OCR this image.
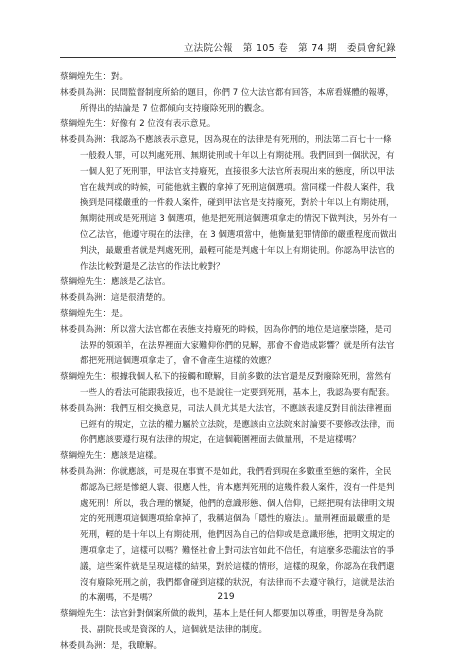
立法院公報 第 105 卷 第 74 期 委員會紀錄

蔡綱煌先生：對。

林委員為洲：民間監督制度所給的題目，你們 7 位大法官都有回答，本席看媒體的報導，所得出的結論是 7 位都傾向支持廢除死刑的觀念。

蔡綱煌先生：好像有 2 位沒有表示意見。

林委員為洲：我認為不應該表示意見，因為現在的法律是有死刑的，刑法第二百七十一條一般殺人罪，可以判處死刑、無期徒刑或十年以上有期徒刑。我們回到一個狀況，有一個人犯了死刑罪，甲法官支持廢死，直接很多大法官所表現出來的態度，所以甲法官在裁判或的時候，可能他就主觀的拿掉了死刑這個選項。當同樣一件殺人案件，我換到是同樣嚴重的一件殺人案件，碰到甲法官是支持廢死，對於十年以上有期徒刑，無期徒刑或是死刑這 3 個選項，他是把死刑這個選項拿走的情況下做判決，另外有一位乙法官，他遵守現在的法律，在 3 個選項當中，他衡量犯罪情節的嚴重程度而做出判決，最嚴重者就是判處死刑，最輕可能是判處十年以上有期徒刑。你認為甲法官的作法比較對還是乙法官的作法比較對？

蔡綱煌先生：應該是乙法官。

林委員為洲：這是很清楚的。

蔡綱煌先生：是。

林委員為洲：所以當大法官都在表態支持廢死的時候，因為你們的地位是這麼崇隆，是司法界的領頭羊，在法界裡面大家難仰你們的見解，那會不會造成影響？就是所有法官都把死刑這個選項拿走了，會不會產生這樣的效應？

蔡綱煌先生：根據我個人私下的接觸和瞭解，目前多數的法官還是反對廢除死刑，當然有一些人的看法可能跟我接近，也不是說往一定要到死刑，基本上，我認為要有配套。

林委員為洲：我們互相交換意見，司法人員尤其是大法官，不應該表達反對目前法律裡面已經有的規定，立法的權力屬於立法院，是應該由立法院來討論要不要修改法律，而你們應該要遵行現有法律的規定，在這個範圍裡面去做量刑，不是這樣嗎？

蔡綱煌先生：應該是這樣。

林委員為洲：你就應該，可是現在事實不是如此，我們看到現在多數重至態的案件，全民都認為已經是慘絕人寰、很應人性，肯本應判死刑的這幾件殺人案件，沒有一件是判處死刑！所以，我合理的懷疑，他們的意識形態、個人信仰，已經把現有法律明文規定的死刑選項這個選項給拿掉了，我稱這個為「隱性的廢法」。量刑裡面最嚴重的是死刑，輕的是十年以上有期徒刑，他們因為自己的信仰或是意識形態，把明文規定的選項拿走了，這樣可以嗎？難怪社會上對司法官如此不信任，有這麼多恐龍法官的爭議，這些案件就是呈現這樣的結果，對於這樣的情形，這樣的現象，你認為在我們還沒有廢除死刑之前，我們都會碰到這樣的狀況，有法律而不去遵守執行，這就是法治的本潮嗎，不是嗎？

蔡綱煌先生：法官針對個案所做的裁判，基本上是任何人都要加以尊重，明智是身為院長、副院長或是資深的人，這個就是法律的制度。

林委員為洲：是，我瞭解。

219
